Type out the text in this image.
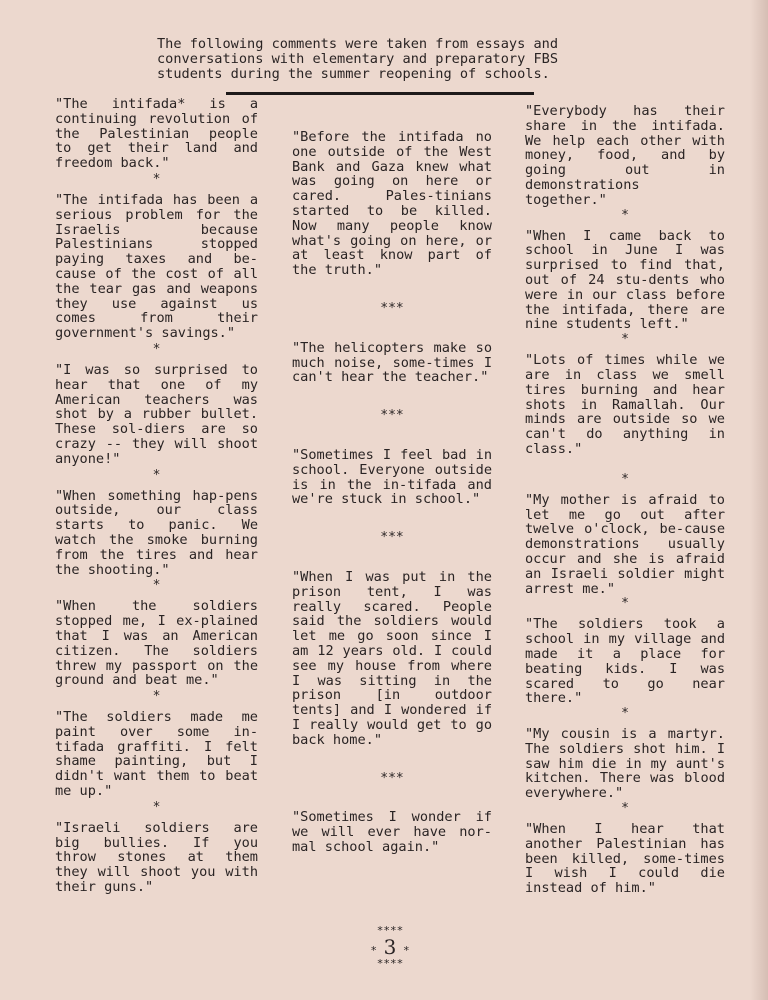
The following comments were taken from essays and conversations with elementary and preparatory FBS students during the summer reopening of schools.

"The intifada* is a continuing revolution of the Palestinian people to get their land and freedom back."

*

"The intifada has been a serious problem for the Israelis because Palestinians stopped paying taxes and be-cause of the cost of all the tear gas and weapons they use against us comes from their government's savings."

*

"I was so surprised to hear that one of my American teachers was shot by a rubber bullet. These sol-diers are so crazy -- they will shoot anyone!"

*

"When something hap-pens outside, our class starts to panic. We watch the smoke burning from the tires and hear the shooting."

*

"When the soldiers stopped me, I ex-plained that I was an American citizen. The soldiers threw my passport on the ground and beat me."

*

"The soldiers made me paint over some in-tifada graffiti. I felt shame painting, but I didn't want them to beat me up."

*

"Israeli soldiers are big bullies. If you throw stones at them they will shoot you with their guns."

"Before the intifada no one outside of the West Bank and Gaza knew what was going on here or cared. Pales-tinians started to be killed. Now many people know what's going on here, or at least know part of the truth."

***

"The helicopters make so much noise, some-times I can't hear the teacher."

***

"Sometimes I feel bad in school. Everyone outside is in the in-tifada and we're stuck in school."

***

"When I was put in the prison tent, I was really scared. People said the soldiers would let me go soon since I am 12 years old. I could see my house from where I was sitting in the prison [in outdoor tents] and I wondered if I really would get to go back home."

***

"Sometimes I wonder if we will ever have nor-mal school again."

"Everybody has their share in the intifada. We help each other with money, food, and by going out in demonstrations together."

*

"When I came back to school in June I was surprised to find that, out of 24 stu-dents who were in our class before the intifada, there are nine students left."

*

"Lots of times while we are in class we smell tires burning and hear shots in Ramallah. Our minds are outside so we can't do anything in class."

*

"My mother is afraid to let me go out after twelve o'clock, be-cause demonstrations usually occur and she is afraid an Israeli soldier might arrest me."

*

"The soldiers took a school in my village and made it a place for beating kids. I was scared to go near there."

*

"My cousin is a martyr. The soldiers shot him. I saw him die in my aunt's kitchen. There was blood everywhere."

*

"When I hear that another Palestinian has been killed, some-times I wish I could die instead of him."

****
* 3 *
****
